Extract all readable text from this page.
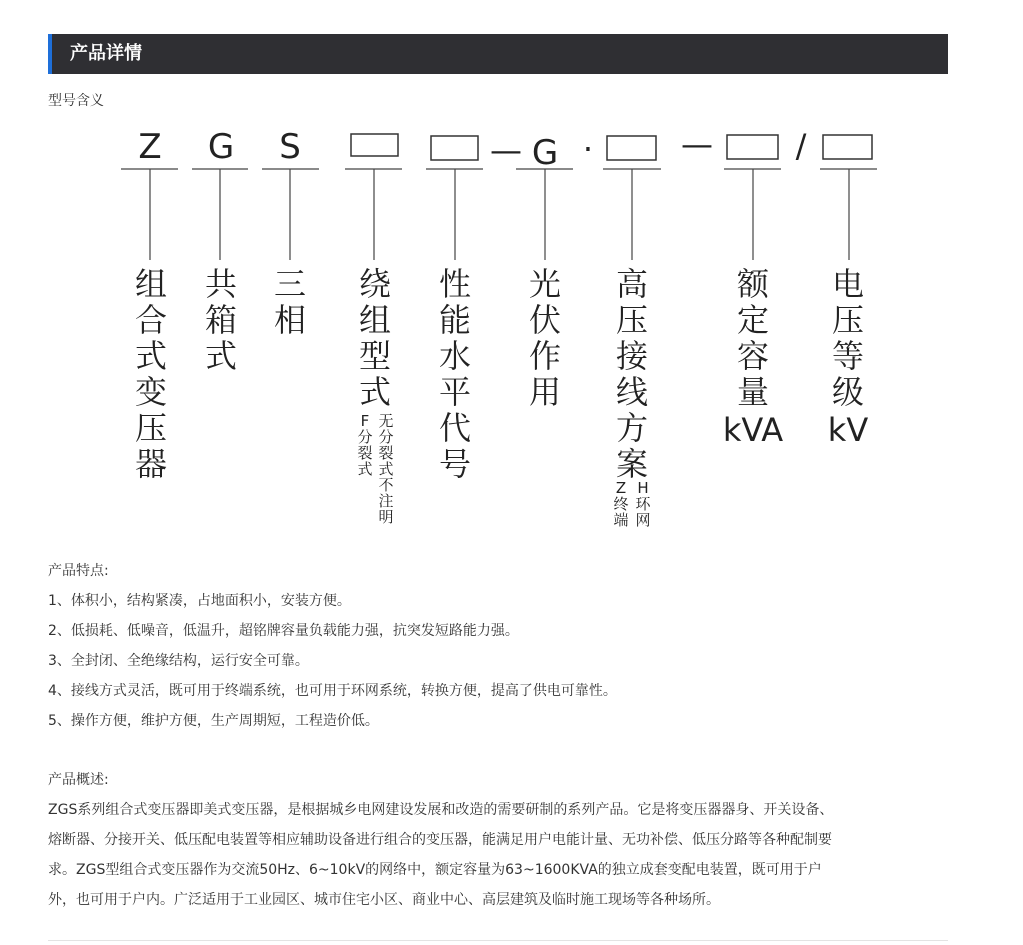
产品详情
型号含义
Z G S	G
—	—
·	/
组
合
式
变
压
器
共
箱
式
三
相
绕
组
型
式
F
分
裂
式
无
分
裂
式
不
注
明
性
能
水
平
代
号
光
伏
作
用
高
压
接
线
方
案
Z
终
端
H
环
网
额
定
容
量
kVA
电
压
等
级
kV

产品特点:

1、体积小，结构紧凑，占地面积小，安装方便。

2、低损耗、低噪音，低温升，超铭牌容量负载能力强，抗突发短路能力强。

3、全封闭、全绝缘结构，运行安全可靠。

4、接线方式灵活，既可用于终端系统，也可用于环网系统，转换方便，提高了供电可靠性。

5、操作方便，维护方便，生产周期短，工程造价低。

产品概述:

ZGS系列组合式变压器即美式变压器，是根据城乡电网建设发展和改造的需要研制的系列产品。它是将变压器器身、开关设备、

熔断器、分接开关、低压配电装置等相应辅助设备进行组合的变压器，能满足用户电能计量、无功补偿、低压分路等各种配制要

求。ZGS型组合式变压器作为交流50Hz、6~10kV的网络中，额定容量为63~1600KVA的独立成套变配电装置，既可用于户

外，也可用于户内。广泛适用于工业园区、城市住宅小区、商业中心、高层建筑及临时施工现场等各种场所。
